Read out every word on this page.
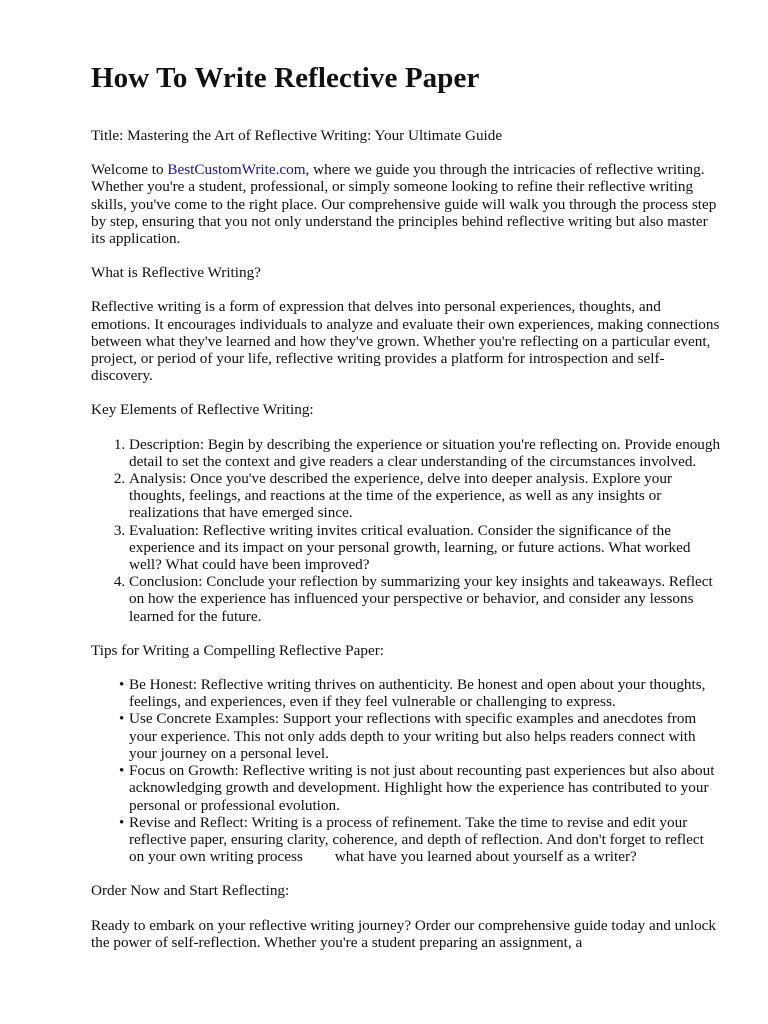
How To Write Reflective Paper

Title: Mastering the Art of Reflective Writing: Your Ultimate Guide

Welcome to BestCustomWrite.com, where we guide you through the intricacies of reflective writing. Whether you're a student, professional, or simply someone looking to refine their reflective writing skills, you've come to the right place. Our comprehensive guide will walk you through the process step by step, ensuring that you not only understand the principles behind reflective writing but also master its application.

What is Reflective Writing?

Reflective writing is a form of expression that delves into personal experiences, thoughts, and emotions. It encourages individuals to analyze and evaluate their own experiences, making connections between what they've learned and how they've grown. Whether you're reflecting on a particular event, project, or period of your life, reflective writing provides a platform for introspection and self-discovery.

Key Elements of Reflective Writing:

1. Description: Begin by describing the experience or situation you're reflecting on. Provide enough detail to set the context and give readers a clear understanding of the circumstances involved.
2. Analysis: Once you've described the experience, delve into deeper analysis. Explore your thoughts, feelings, and reactions at the time of the experience, as well as any insights or realizations that have emerged since.
3. Evaluation: Reflective writing invites critical evaluation. Consider the significance of the experience and its impact on your personal growth, learning, or future actions. What worked well? What could have been improved?
4. Conclusion: Conclude your reflection by summarizing your key insights and takeaways. Reflect on how the experience has influenced your perspective or behavior, and consider any lessons learned for the future.

Tips for Writing a Compelling Reflective Paper:

• Be Honest: Reflective writing thrives on authenticity. Be honest and open about your thoughts, feelings, and experiences, even if they feel vulnerable or challenging to express.
• Use Concrete Examples: Support your reflections with specific examples and anecdotes from your experience. This not only adds depth to your writing but also helps readers connect with your journey on a personal level.
• Focus on Growth: Reflective writing is not just about recounting past experiences but also about acknowledging growth and development. Highlight how the experience has contributed to your personal or professional evolution.
• Revise and Reflect: Writing is a process of refinement. Take the time to revise and edit your reflective paper, ensuring clarity, coherence, and depth of reflection. And don't forget to reflect on your own writing process what have you learned about yourself as a writer?

Order Now and Start Reflecting:

Ready to embark on your reflective writing journey? Order our comprehensive guide today and unlock the power of self-reflection. Whether you're a student preparing an assignment, a
